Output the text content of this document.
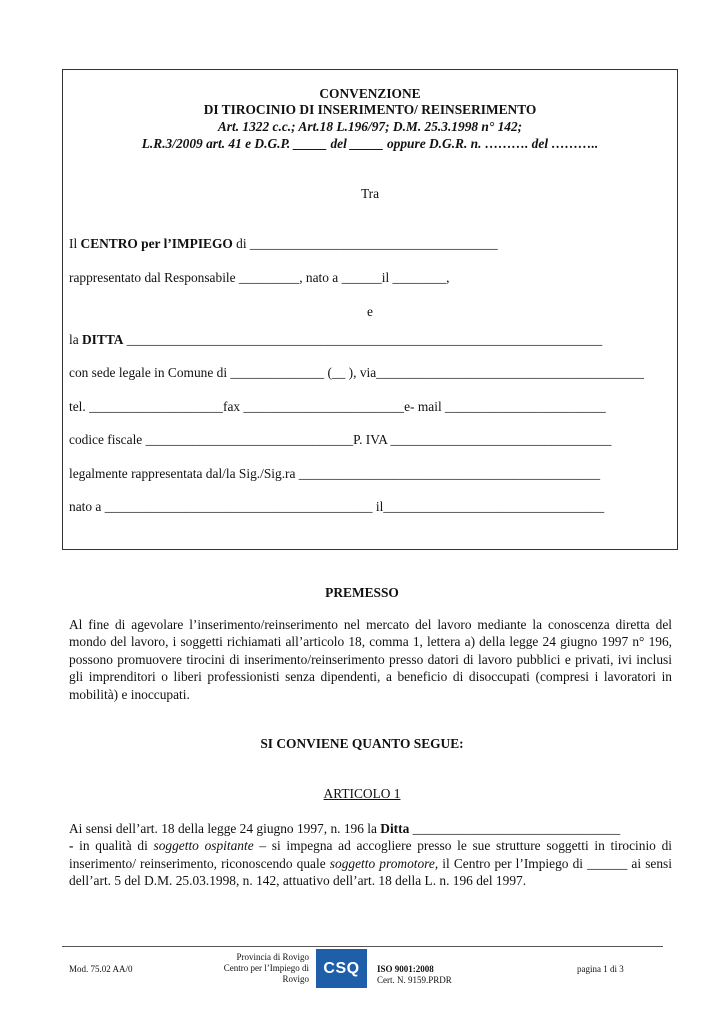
CONVENZIONE
DI TIROCINIO DI INSERIMENTO/ REINSERIMENTO
Art. 1322 c.c.; Art.18 L.196/97; D.M. 25.3.1998 n° 142;
L.R.3/2009 art. 41 e D.G.P. _____ del _____ oppure D.G.R. n. ………. del ………..
Tra
Il CENTRO per l’IMPIEGO di _____________________________________
rappresentato dal Responsabile _________, nato a ______il ________,
e
la DITTA _______________________________________________________________________
con sede legale in Comune di ______________ (__ ), via________________________________________
tel. ____________________fax ________________________e- mail ________________________
codice fiscale _______________________________P. IVA _________________________________
legalmente rappresentata dal/la Sig./Sig.ra _____________________________________________
nato a ________________________________________ il_________________________________
PREMESSO
Al fine di agevolare l’inserimento/reinserimento nel mercato del lavoro mediante la conoscenza diretta del mondo del lavoro, i soggetti richiamati all’articolo 18, comma 1, lettera a) della legge 24 giugno 1997 n° 196, possono promuovere tirocini di inserimento/reinserimento presso datori di lavoro pubblici e privati, ivi inclusi gli imprenditori o liberi professionisti senza dipendenti, a beneficio di disoccupati (compresi i lavoratori in mobilità) e inoccupati.
SI CONVIENE QUANTO SEGUE:
ARTICOLO 1
Ai sensi dell’art. 18 della legge 24 giugno 1997, n. 196 la Ditta _______________________________
- in qualità di soggetto ospitante – si impegna ad accogliere presso le sue strutture soggetti in tirocinio di inserimento/ reinserimento, riconoscendo quale soggetto promotore, il Centro per l’Impiego di ______ ai sensi dell’art. 5 del D.M. 25.03.1998, n. 142, attuativo dell’art. 18 della L. n. 196 del 1997.
Mod. 75.02 AA/0
Provincia di Rovigo
Centro per l’Impiego di
Rovigo
CSQ	ISO 9001:2008
Cert. N. 9159.PRDR
pagina 1 di 3
